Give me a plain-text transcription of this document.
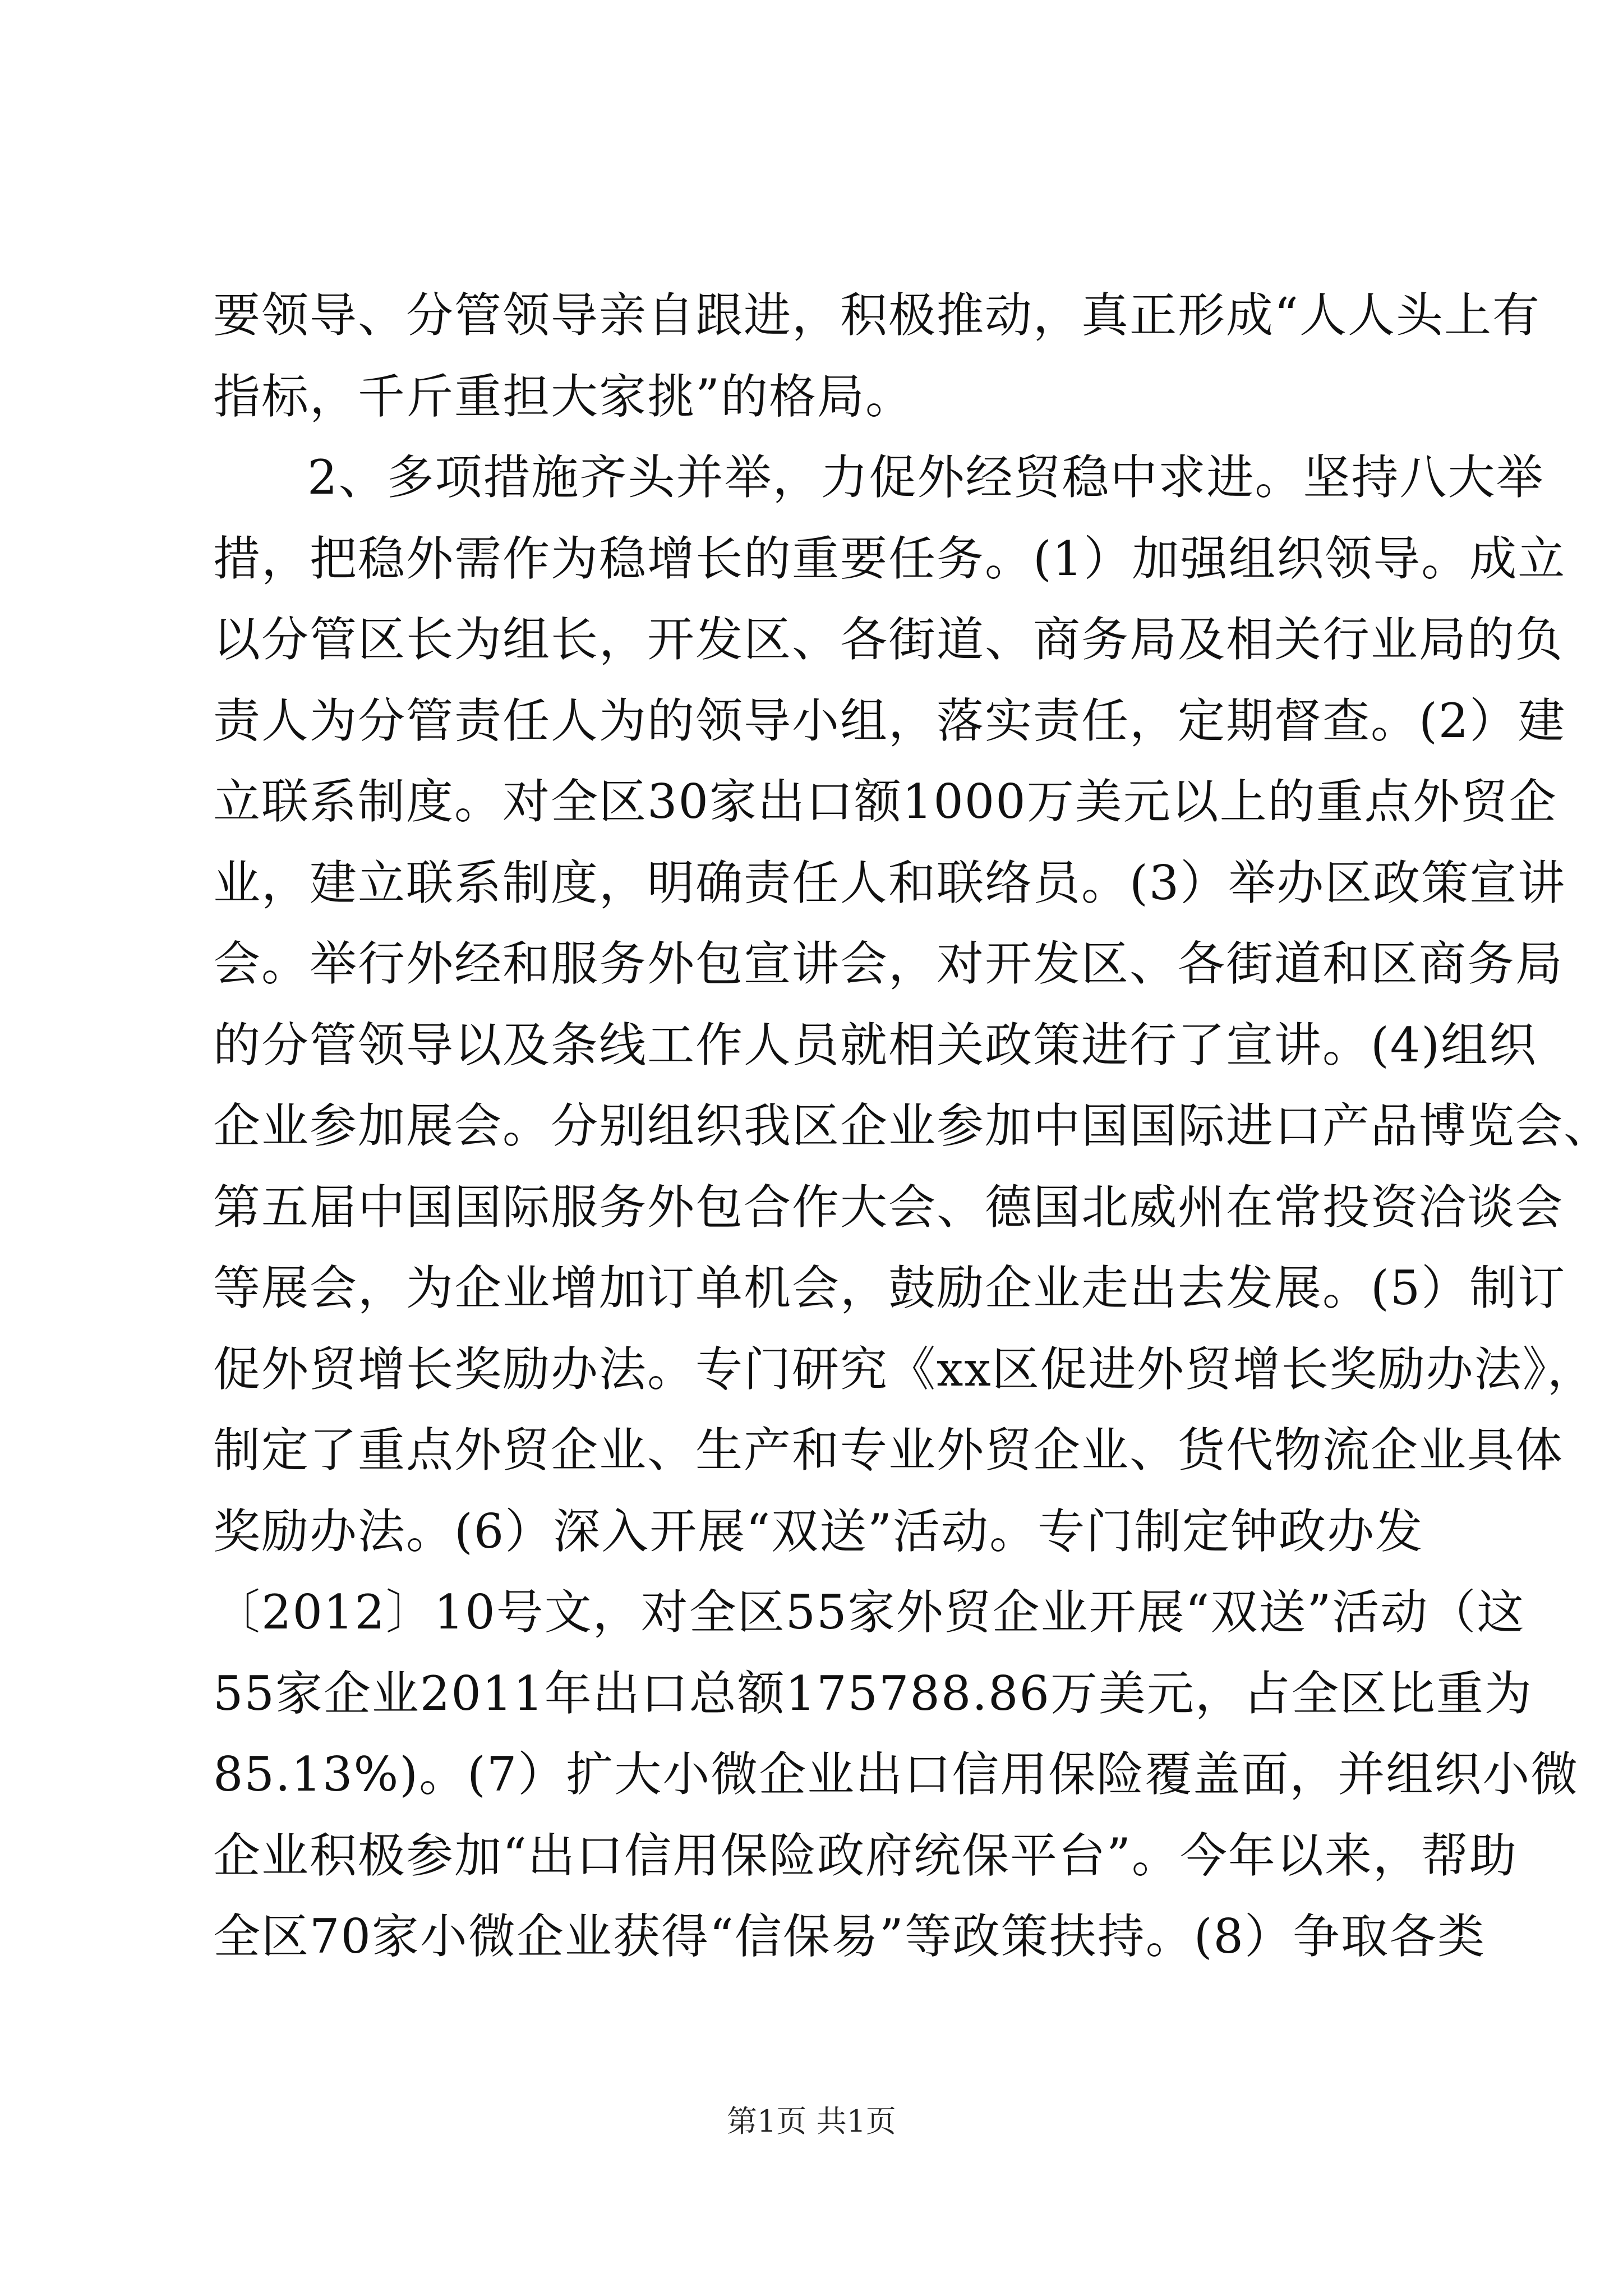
要领导、分管领导亲自跟进，积极推动，真正形成“人人头上有
指标，千斤重担大家挑”的格局。
2、多项措施齐头并举，力促外经贸稳中求进。坚持八大举
措，把稳外需作为稳增长的重要任务。(1）加强组织领导。成立
以分管区长为组长，开发区、各街道、商务局及相关行业局的负
责人为分管责任人为的领导小组，落实责任，定期督查。(2）建
立联系制度。对全区30家出口额1000万美元以上的重点外贸企
业，建立联系制度，明确责任人和联络员。(3）举办区政策宣讲
会。举行外经和服务外包宣讲会，对开发区、各街道和区商务局
的分管领导以及条线工作人员就相关政策进行了宣讲。(4)组织
企业参加展会。分别组织我区企业参加中国国际进口产品博览会、
第五届中国国际服务外包合作大会、德国北威州在常投资洽谈会
等展会，为企业增加订单机会，鼓励企业走出去发展。(5）制订
促外贸增长奖励办法。专门研究《xx区促进外贸增长奖励办法》，
制定了重点外贸企业、生产和专业外贸企业、货代物流企业具体
奖励办法。(6）深入开展“双送”活动。专门制定钟政办发
〔2012〕10号文，对全区55家外贸企业开展“双送”活动（这
55家企业2011年出口总额175788.86万美元，占全区比重为
85.13%)。(7）扩大小微企业出口信用保险覆盖面，并组织小微
企业积极参加“出口信用保险政府统保平台”。今年以来，帮助
全区70家小微企业获得“信保易”等政策扶持。(8）争取各类
第1页 共1页
